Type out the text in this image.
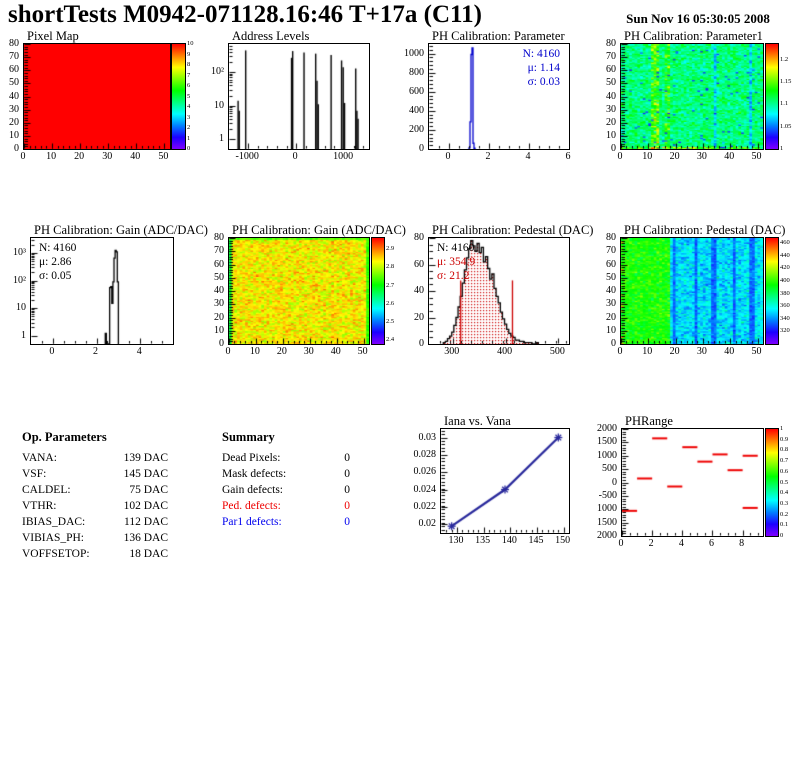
shortTests M0942-071128.16:46 T+17a (C11)	Sun Nov 16 05:30:05 2008
Pixel Map
0 10 20 30 40 50
0
10
20
30
40
50
60
70
80
0
1
2
3
4
5
6
7
8
9
10
Address Levels
-1000	0	1000
1
10
10²
PH Calibration: Parameter
0	2	4	6
0
200
400
600
800
1000	N: 4160
μ: 1.14
σ: 0.03
PH Calibration: Parameter1
0 10 20 30 40 50
0
10
20
30
40
50
60
70
80
1
1.05
1.1
1.15
1.2
PH Calibration: Gain (ADC/DAC)
0	2	4
1
10
10²
10³ N: 4160
μ: 2.86
σ: 0.05
PH Calibration: Gain (ADC/DAC)
0 10 20 30 40 50
0
10
20
30
40
50
60
70
80
2.4
2.5
2.6
2.7
2.8
2.9
PH Calibration: Pedestal (DAC)
300	400	500
0
20
40
60
80
N: 4160
μ: 354.9
σ: 21.2
PH Calibration: Pedestal (DAC)
0 10 20 30 40 50
0
10
20
30
40
50
60
70
80
320
340
360
380
400
420
440
460
Op. Parameters
VANA:	139 DAC
VSF:	145 DAC
CALDEL:	75 DAC
VTHR:	102 DAC
IBIAS_DAC:	112 DAC
VIBIAS_PH:	136 DAC
VOFFSETOP:	18 DAC
Summary
Dead Pixels:	0
Mask defects:	0
Gain defects:	0
Ped. defects:	0
Par1 defects:	0
Iana vs. Vana
130 135 140 145 150
0.02
0.022
0.024
0.026
0.028
0.03
PHRange
0	2	4	6	8
2000
1500
1000
500
0
-500
1000
1500
2000	0
0.1
0.2
0.3
0.4
0.5
0.6
0.7
0.8
0.9
1
